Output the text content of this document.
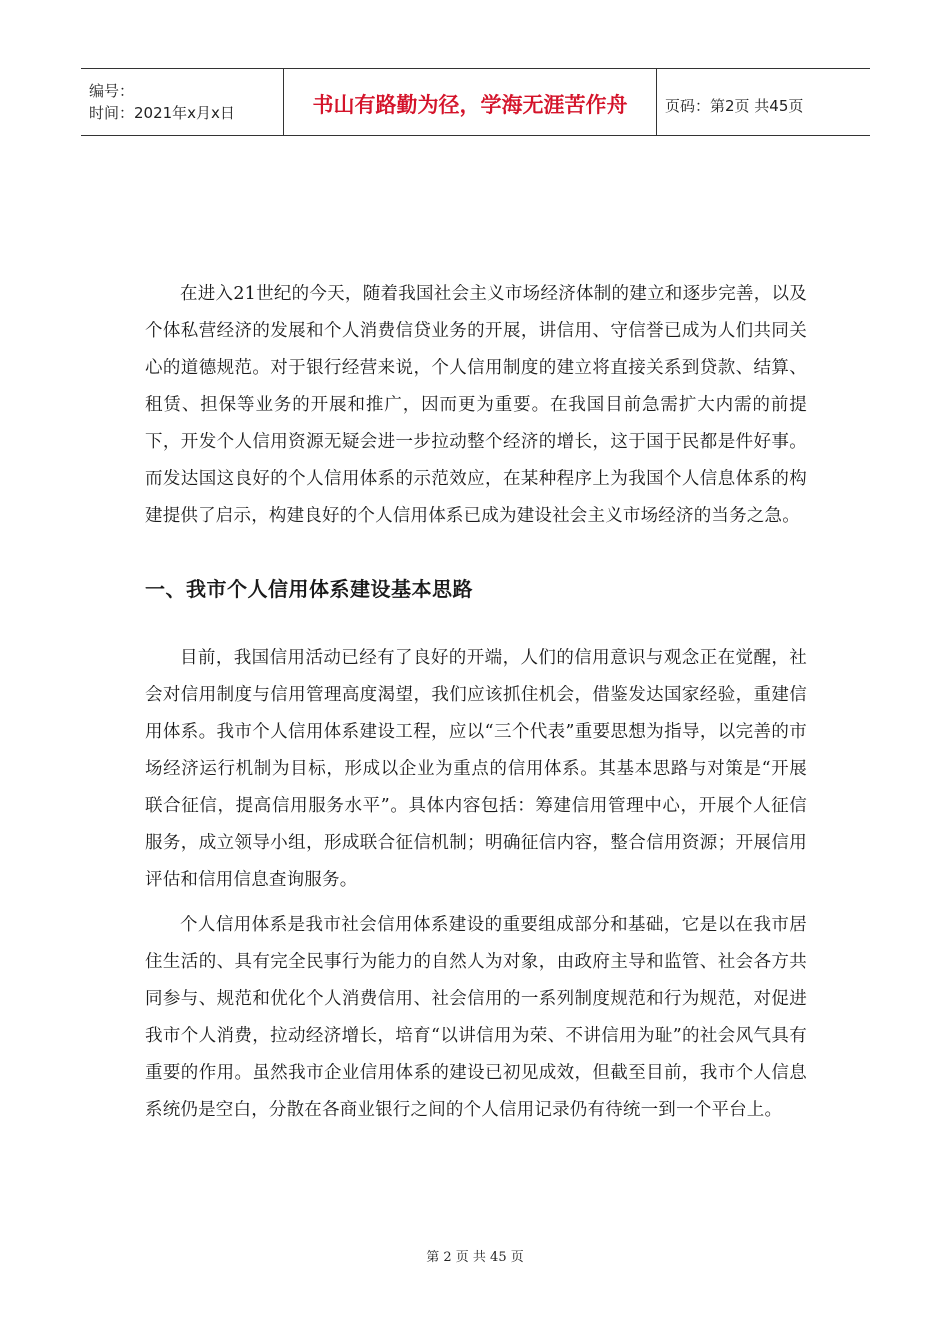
编号：
时间：2021年x月x日	书山有路勤为径，学海无涯苦作舟	页码：第2页 共45页

在进入21世纪的今天，随着我国社会主义市场经济体制的建立和逐步完善，以及个体私营经济的发展和个人消费信贷业务的开展，讲信用、守信誉已成为人们共同关心的道德规范。对于银行经营来说，个人信用制度的建立将直接关系到贷款、结算、租赁、担保等业务的开展和推广，因而更为重要。在我国目前急需扩大内需的前提下，开发个人信用资源无疑会进一步拉动整个经济的增长，这于国于民都是件好事。而发达国这良好的个人信用体系的示范效应，在某种程序上为我国个人信息体系的构建提供了启示，构建良好的个人信用体系已成为建设社会主义市场经济的当务之急。

一、我市个人信用体系建设基本思路

目前，我国信用活动已经有了良好的开端，人们的信用意识与观念正在觉醒，社会对信用制度与信用管理高度渴望，我们应该抓住机会，借鉴发达国家经验，重建信用体系。我市个人信用体系建设工程，应以“三个代表”重要思想为指导，以完善的市场经济运行机制为目标，形成以企业为重点的信用体系。其基本思路与对策是“开展联合征信，提高信用服务水平”。具体内容包括：筹建信用管理中心，开展个人征信服务，成立领导小组，形成联合征信机制；明确征信内容，整合信用资源；开展信用评估和信用信息查询服务。

个人信用体系是我市社会信用体系建设的重要组成部分和基础，它是以在我市居住生活的、具有完全民事行为能力的自然人为对象，由政府主导和监管、社会各方共同参与、规范和优化个人消费信用、社会信用的一系列制度规范和行为规范，对促进我市个人消费，拉动经济增长，培育“以讲信用为荣、不讲信用为耻”的社会风气具有重要的作用。虽然我市企业信用体系的建设已初见成效，但截至目前，我市个人信息系统仍是空白，分散在各商业银行之间的个人信用记录仍有待统一到一个平台上。

第 2 页 共 45 页
